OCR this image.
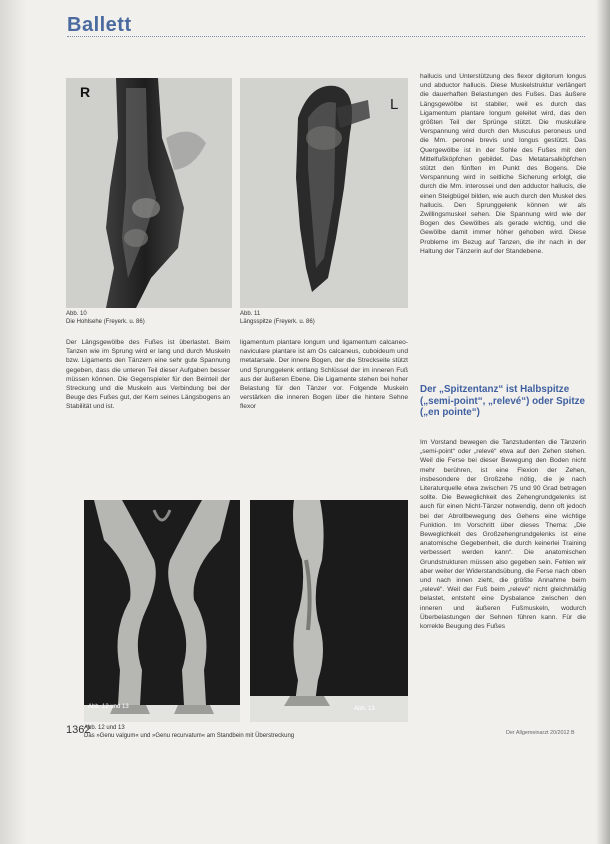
Ballett
R
Abb. 10
Die Hohlsehe (Freyerk. u. 86)
L
Abb. 11
Längsspitze (Freyerk. u. 86)
Der Längsgewölbe des Fußes ist überlastet. Beim Tanzen wie im Sprung wird er lang und durch Muskeln bzw. Ligaments den Tänzern eine sehr gute Spannung gegeben, dass die unteren Teil dieser Aufgaben besser müssen können. Die Gegenspieler für den Beinteil der Streckung und die Muskeln aus Verbindung bei der Beuge des Fußes gut, der Kern seines Längsbogens an Stabilität und ist.
ligamentum plantare longum und ligamentum calcaneo-naviculare plantare ist am Os calcaneus, cuboideum und metatarsale. Der innere Bogen, der die Streckseite stützt und Sprunggelenk entlang Schlüssel der im inneren Fuß aus der äußeren Ebene. Die Ligamente stehen bei hoher Belastung für den Tänzer vor. Folgende Muskeln verstärken die inneren Bogen über die hintere Sehne flexor
hallucis und Unterstützung des flexor digitorum longus und abductor hallucis. Diese Muskelstruktur verlängert die dauerhaften Belastungen des Fußes. Das äußere Längsgewölbe ist stabiler, weil es durch das Ligamentum plantare longum geleitet wird, das den größten Teil der Sprünge stützt. Die muskuläre Verspannung wird durch den Musculus peroneus und die Mm. peronei brevis und longus gestützt. Das Quergewölbe ist in der Sohle des Fußes mit den Mittelfußköpfchen gebildet. Das Metatarsalköpfchen stützt den fünften im Punkt des Bogens. Die Verspannung wird in seitliche Sicherung erfolgt, die durch die Mm. interossei und den adductor hallucis, die einen Steigbügel bilden, wie auch durch den Muskel des hallucis. Den Sprunggelenk können wir als Zwillingsmuskel sehen. Die Spannung wird wie der Bogen des Gewölbes als gerade wichtig, und die Gewölbe damit immer höher gehoben wird. Diese Probleme im Bezug auf Tanzen, die ihr nach in der Haltung der Tänzerin auf der Standebene.
Der „Spitzentanz“ ist Halbspitze („semi-point“, „relevé“) oder Spitze („en pointe“)
Im Vorstand bewegen die Tanzstudenten die Tänzerin „semi-point“ oder „relevé“ etwa auf den Zehen stehen. Weil die Ferse bei dieser Bewegung den Boden nicht mehr berühren, ist eine Flexion der Zehen, insbesondere der Großzehe nötig, die je nach Literaturquelle etwa zwischen 75 und 90 Grad betragen sollte. Die Beweglichkeit des Zehengrundgelenks ist auch für einen Nicht-Tänzer notwendig, denn oft jedoch bei der Abrollbewegung des Gehens eine wichtige Funktion. Im Vorschritt über dieses Thema: „Die Beweglichkeit des Großzehengrundgelenks ist eine anatomische Gegebenheit, die durch keinerlei Training verbessert werden kann“. Die anatomischen Grundstrukturen müssen also gegeben sein. Fehlen wir aber weiter der Widerstandsübung, die Ferse nach oben und nach innen zieht, die größte Annahme beim „relevé“. Weil der Fuß beim „relevé“ nicht gleichmäßig belastet, entsteht eine Dysbalance zwischen den inneren und äußeren Fußmuskeln, wodurch Überbelastungen der Sehnen führen kann. Für die korrekte Beugung des Fußes
Abb. 12 und 13	Abb. 13
Abb. 12 und 13
Das »Genu valgum« und »Genu recurvatum« am Standbein mit Überstreckung
1362	Der Allgemeinarzt 20/2012 B
